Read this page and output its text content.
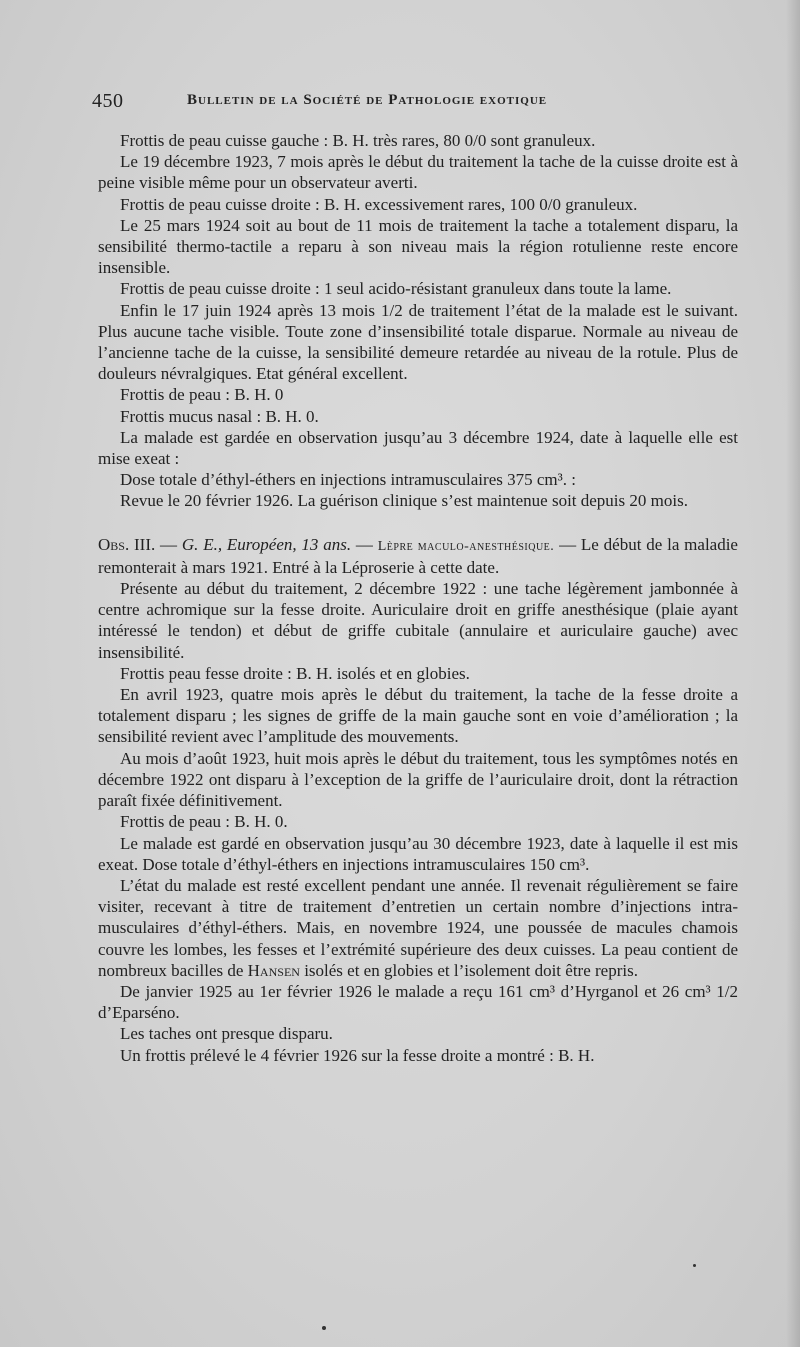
450	Bulletin de la Société de Pathologie exotique

Frottis de peau cuisse gauche : B. H. très rares, 80 0/0 sont granuleux.

Le 19 décembre 1923, 7 mois après le début du traitement la tache de la cuisse droite est à peine visible même pour un observateur averti.

Frottis de peau cuisse droite : B. H. excessivement rares, 100 0/0 granuleux.

Le 25 mars 1924 soit au bout de 11 mois de traitement la tache a totalement disparu, la sensibilité thermo-tactile a reparu à son niveau mais la région rotulienne reste encore insensible.

Frottis de peau cuisse droite : 1 seul acido-résistant granuleux dans toute la lame.

Enfin le 17 juin 1924 après 13 mois 1/2 de traitement l’état de la malade est le suivant. Plus aucune tache visible. Toute zone d’insensibilité totale disparue. Normale au niveau de l’ancienne tache de la cuisse, la sensibilité demeure retardée au niveau de la rotule. Plus de douleurs névralgiques. Etat général excellent.

Frottis de peau : B. H. 0

Frottis mucus nasal : B. H. 0.

La malade est gardée en observation jusqu’au 3 décembre 1924, date à laquelle elle est mise exeat :

Dose totale d’éthyl-éthers en injections intramusculaires 375 cm³. :

Revue le 20 février 1926. La guérison clinique s’est maintenue soit depuis 20 mois.

Obs. III. — G. E., Européen, 13 ans. — Lèpre maculo-anesthésique. — Le début de la maladie remonterait à mars 1921. Entré à la Léproserie à cette date.

Présente au début du traitement, 2 décembre 1922 : une tache légèrement jambonnée à centre achromique sur la fesse droite. Auriculaire droit en griffe anesthésique (plaie ayant intéressé le tendon) et début de griffe cubitale (annulaire et auriculaire gauche) avec insensibilité.

Frottis peau fesse droite : B. H. isolés et en globies.

En avril 1923, quatre mois après le début du traitement, la tache de la fesse droite a totalement disparu ; les signes de griffe de la main gauche sont en voie d’amélioration ; la sensibilité revient avec l’amplitude des mouvements.

Au mois d’août 1923, huit mois après le début du traitement, tous les symptômes notés en décembre 1922 ont disparu à l’exception de la griffe de l’auriculaire droit, dont la rétraction paraît fixée définitivement.

Frottis de peau : B. H. 0.

Le malade est gardé en observation jusqu’au 30 décembre 1923, date à laquelle il est mis exeat. Dose totale d’éthyl-éthers en injections intramusculaires 150 cm³.

L’état du malade est resté excellent pendant une année. Il revenait régulièrement se faire visiter, recevant à titre de traitement d’entretien un certain nombre d’injections intra-musculaires d’éthyl-éthers. Mais, en novembre 1924, une poussée de macules chamois couvre les lombes, les fesses et l’extrémité supérieure des deux cuisses. La peau contient de nombreux bacilles de Hansen isolés et en globies et l’isolement doit être repris.

De janvier 1925 au 1er février 1926 le malade a reçu 161 cm³ d’Hyrganol et 26 cm³ 1/2 d’Eparséno.

Les taches ont presque disparu.

Un frottis prélevé le 4 février 1926 sur la fesse droite a montré : B. H.
